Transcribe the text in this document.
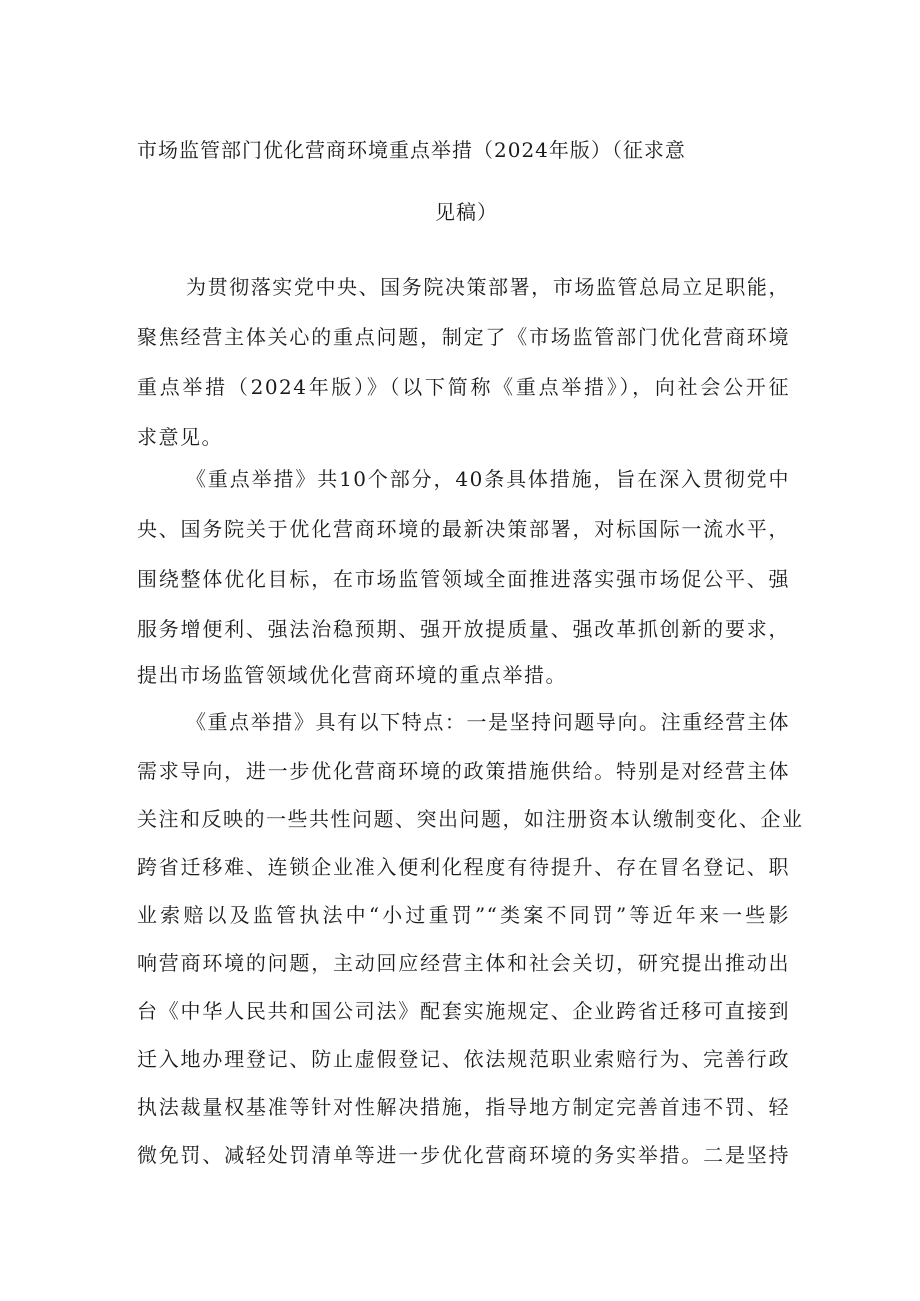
市场监管部门优化营商环境重点举措（2024年版）（征求意
见稿）
为贯彻落实党中央、国务院决策部署，市场监管总局立足职能，
聚焦经营主体关心的重点问题，制定了《市场监管部门优化营商环境
重点举措（2024年版）》（以下简称《重点举措》），向社会公开征
求意见。
《重点举措》共10个部分，40条具体措施，旨在深入贯彻党中
央、国务院关于优化营商环境的最新决策部署，对标国际一流水平，
围绕整体优化目标，在市场监管领域全面推进落实强市场促公平、强
服务增便利、强法治稳预期、强开放提质量、强改革抓创新的要求，
提出市场监管领域优化营商环境的重点举措。
《重点举措》具有以下特点：一是坚持问题导向。注重经营主体
需求导向，进一步优化营商环境的政策措施供给。特别是对经营主体
关注和反映的一些共性问题、突出问题，如注册资本认缴制变化、企业
跨省迁移难、连锁企业准入便利化程度有待提升、存在冒名登记、职
业索赔以及监管执法中“小过重罚”“类案不同罚”等近年来一些影
响营商环境的问题，主动回应经营主体和社会关切，研究提出推动出
台《中华人民共和国公司法》配套实施规定、企业跨省迁移可直接到
迁入地办理登记、防止虚假登记、依法规范职业索赔行为、完善行政
执法裁量权基准等针对性解决措施，指导地方制定完善首违不罚、轻
微免罚、减轻处罚清单等进一步优化营商环境的务实举措。二是坚持
